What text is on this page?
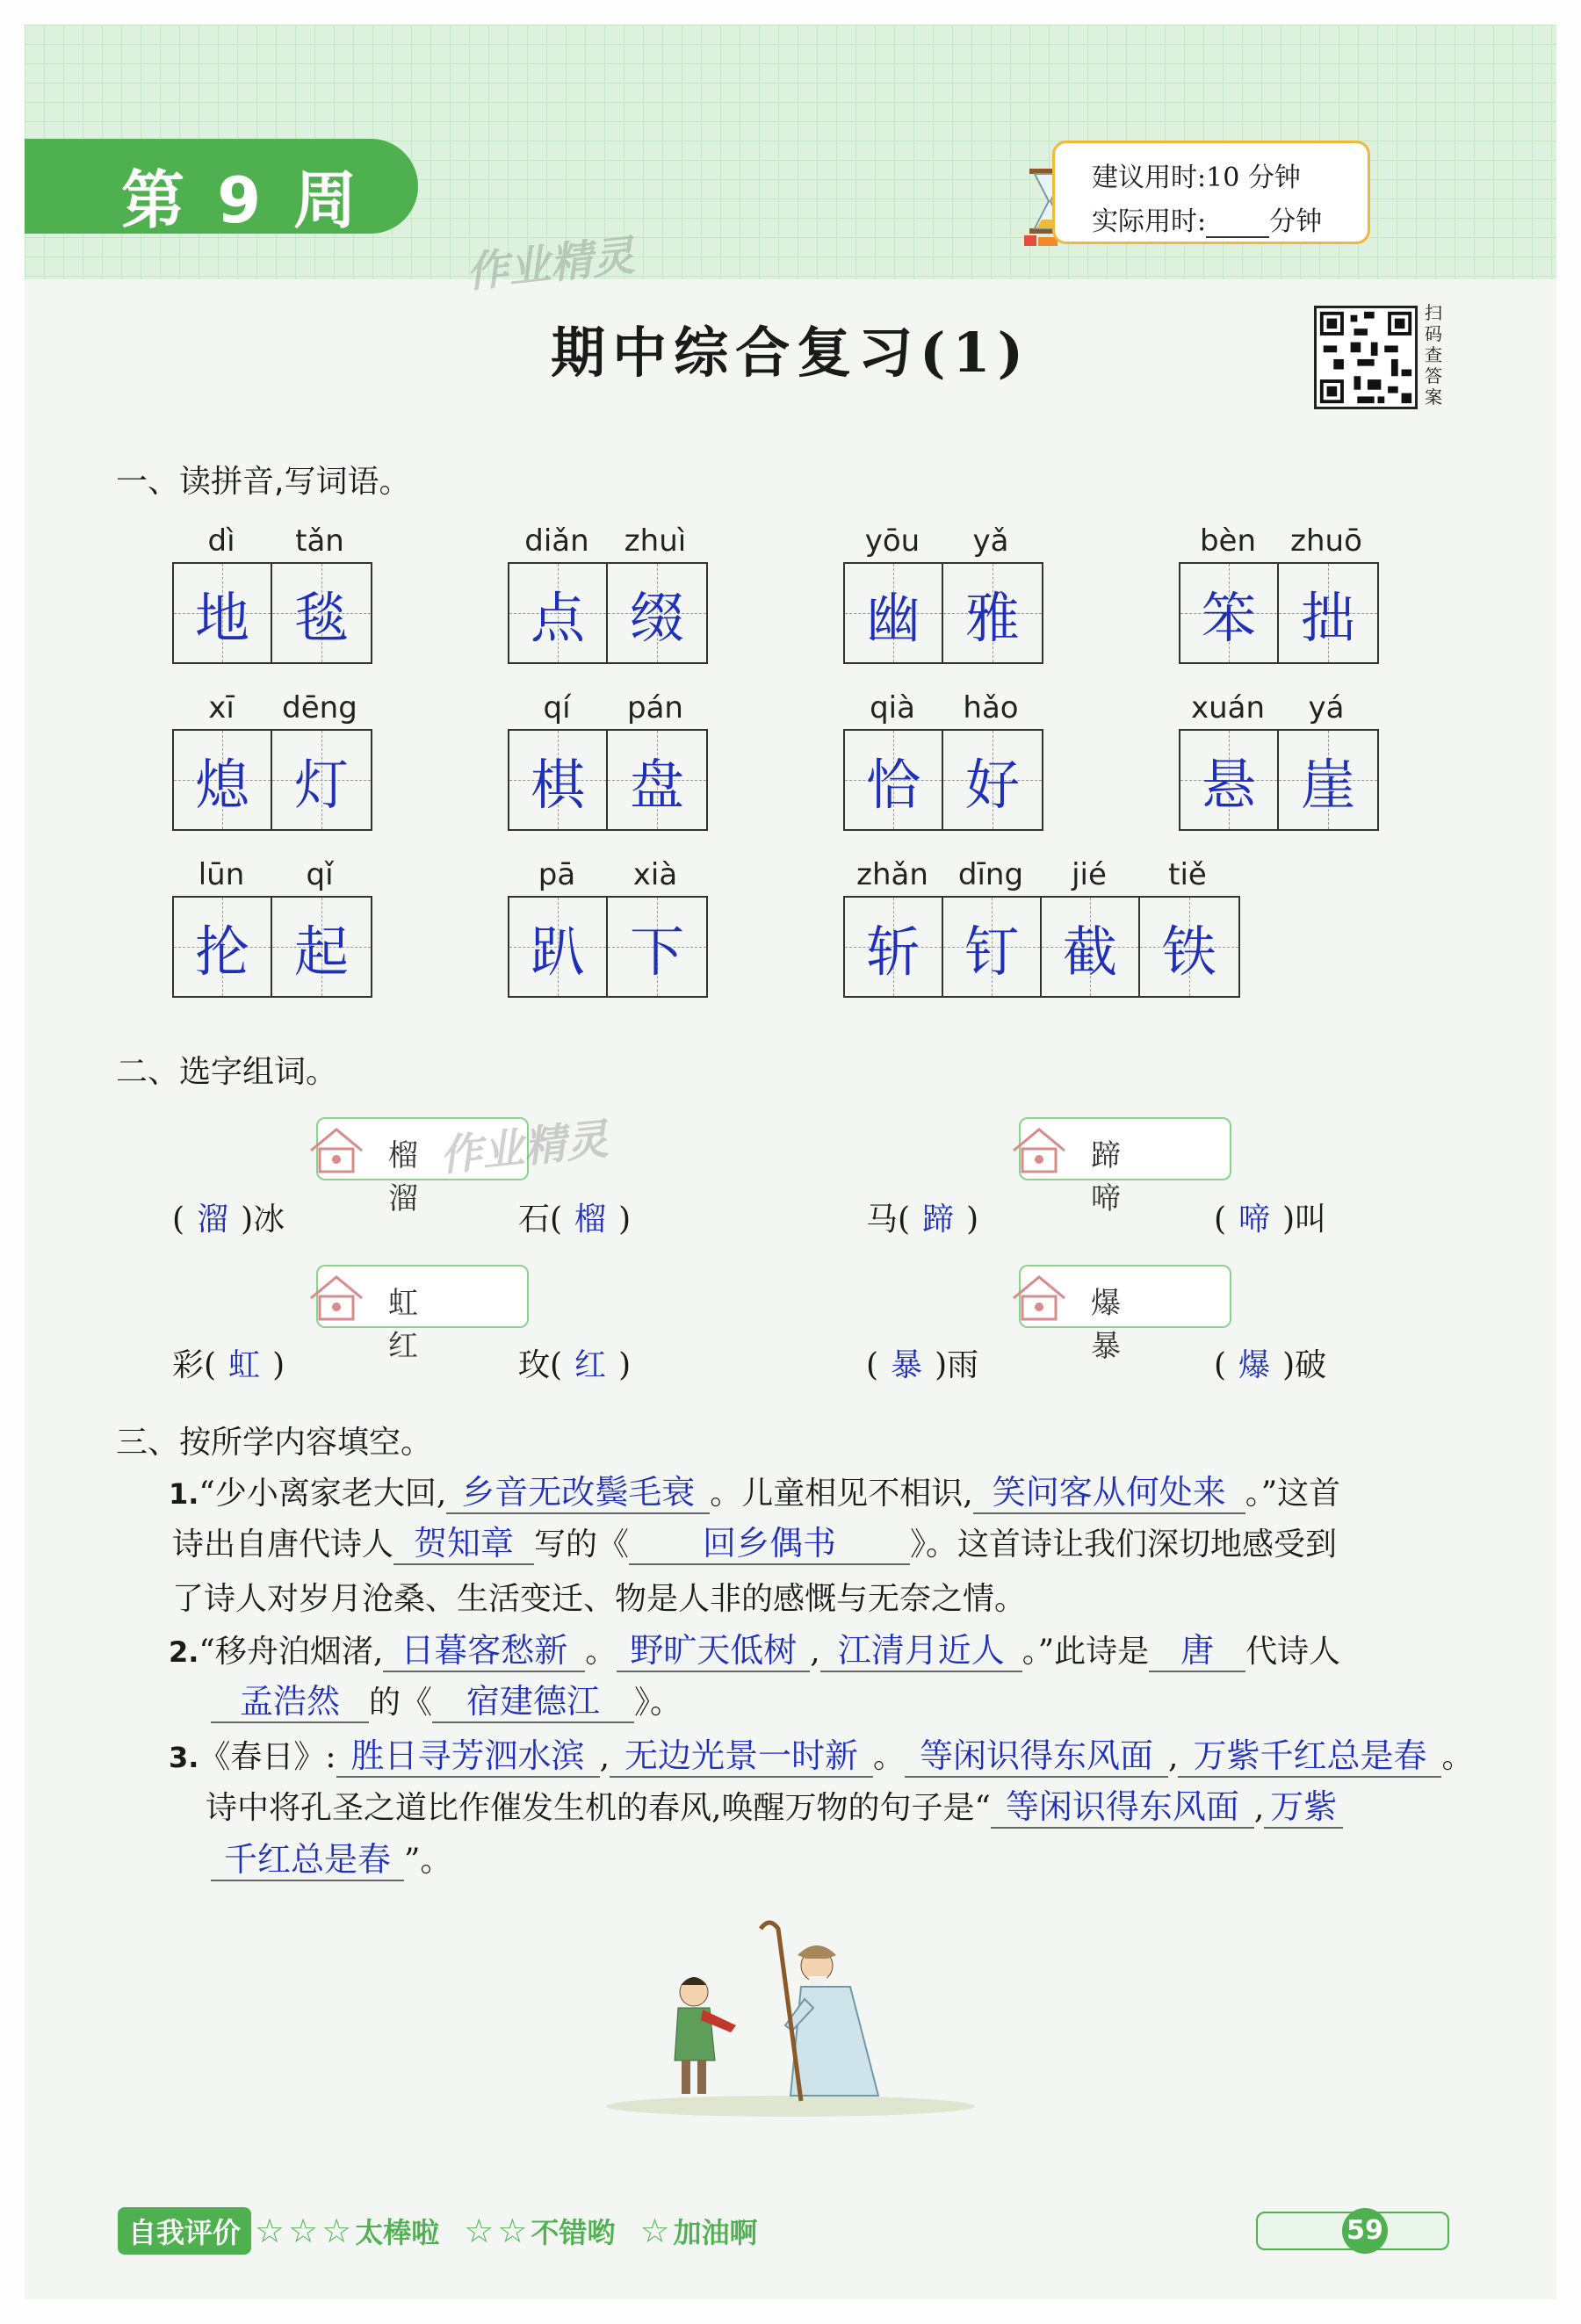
第 9 周	建议用时:10 分钟
实际用时: 分钟
作业精灵
期中综合复习(1)
扫码查答案
一、读拼音,写词语。
dì	tǎn
地 毯
diǎn	zhuì
点 缀
yōu	yǎ
幽 雅
bèn	zhuō
笨 拙
xī	dēng
熄 灯
qí	pán
棋 盘
qià	hǎo
恰 好
xuán	yá
悬 崖
lūn	qǐ
抡 起
pā	xià
趴 下
zhǎn	dīng	jié	tiě
斩 钉 截 铁
二、选字组词。
榴 溜
蹄 啼
作业精灵
( 溜 )冰	石( 榴 )	马( 蹄 )	( 啼 )叫
虹 红
爆 暴
彩( 虹 )	玫( 红 )	( 暴 )雨	( 爆 )破
三、按所学内容填空。
1.“少小离家老大回, 乡音无改鬓毛衰 。儿童相见不相识, 笑问客从何处来 。”这首
诗出自唐代诗人 贺知章 写的《 回乡偶书 》。这首诗让我们深切地感受到
了诗人对岁月沧桑、生活变迁、物是人非的感慨与无奈之情。
2.“移舟泊烟渚, 日暮客愁新 。 野旷天低树 , 江清月近人 。”此诗是 唐 代诗人
孟浩然 的《 宿建德江 》。
3.《春日》: 胜日寻芳泗水滨 , 无边光景一时新 。 等闲识得东风面 , 万紫千红总是春 。
诗中将孔圣之道比作催发生机的春风,唤醒万物的句子是“ 等闲识得东风面 , 万紫
千红总是春 ”。
自我评价 ☆ ☆ ☆ 太棒啦 ☆ ☆ 不错哟 ☆ 加油啊	59
